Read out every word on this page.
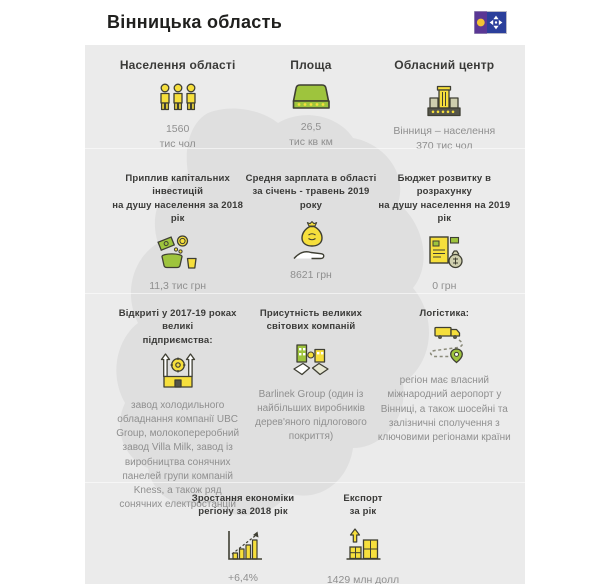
Вінницька область
Населення області
1560
тис чол
Площа
26,5
тис кв км
Обласний центр
Вінниця – населення
370 тис чол
Приплив капітальних інвестицій
на душу населення за 2018 рік
11,3 тис грн
Средня зарплата в області
за січень - травень 2019 року
8621 грн
Бюджет розвитку в розрахунку
на душу населення на 2019 рік
0 грн
Відкриті у 2017-19 роках великі
підприємства:
завод холодильного обладнання компанії UBC Group, молокопереробний завод Villa Milk, завод із виробництва сонячних панелей групи компаній Kness, а також ряд сонячних електростанцій
Присутність великих
світових компаній
Barlinek Group (один із найбільших виробників дерев'яного підлогового покриття)
Логістика:
регіон має власний міжнародний аеропорт у Вінниці, а також шосейні та залізничні сполучення з ключовими регіонами країни
Зростання економіки
регіону за 2018 рік
+6,4%
Експорт
за рік
1429 млн долл
